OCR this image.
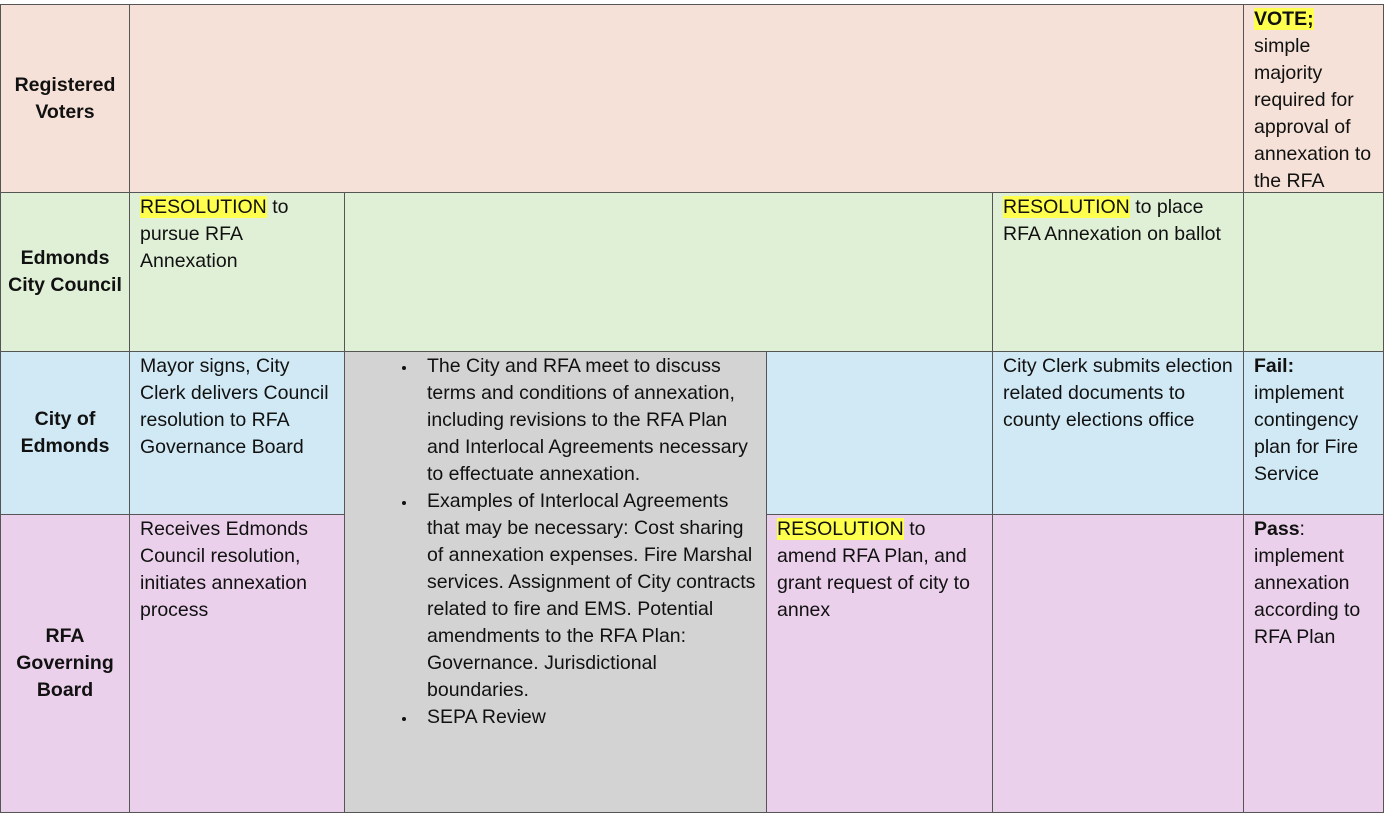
Registered Voters
Edmonds City Council
City of Edmonds
RFA Governing Board
VOTE;
simple majority required for approval of annexation to the RFA
RESOLUTION to pursue RFA Annexation
RESOLUTION to place RFA Annexation on ballot
Mayor signs, City Clerk delivers Council resolution to RFA Governance Board
City Clerk submits election related documents to county elections office
Fail: implement contingency plan for Fire Service
Receives Edmonds Council resolution, initiates annexation process
RESOLUTION to amend RFA Plan, and grant request of city to annex
Pass: implement annexation according to RFA Plan
• The City and RFA meet to discuss terms and conditions of annexation, including revisions to the RFA Plan and Interlocal Agreements necessary to effectuate annexation.
• Examples of Interlocal Agreements that may be necessary: Cost sharing of annexation expenses. Fire Marshal services. Assignment of City contracts related to fire and EMS. Potential amendments to the RFA Plan: Governance. Jurisdictional boundaries.
• SEPA Review
